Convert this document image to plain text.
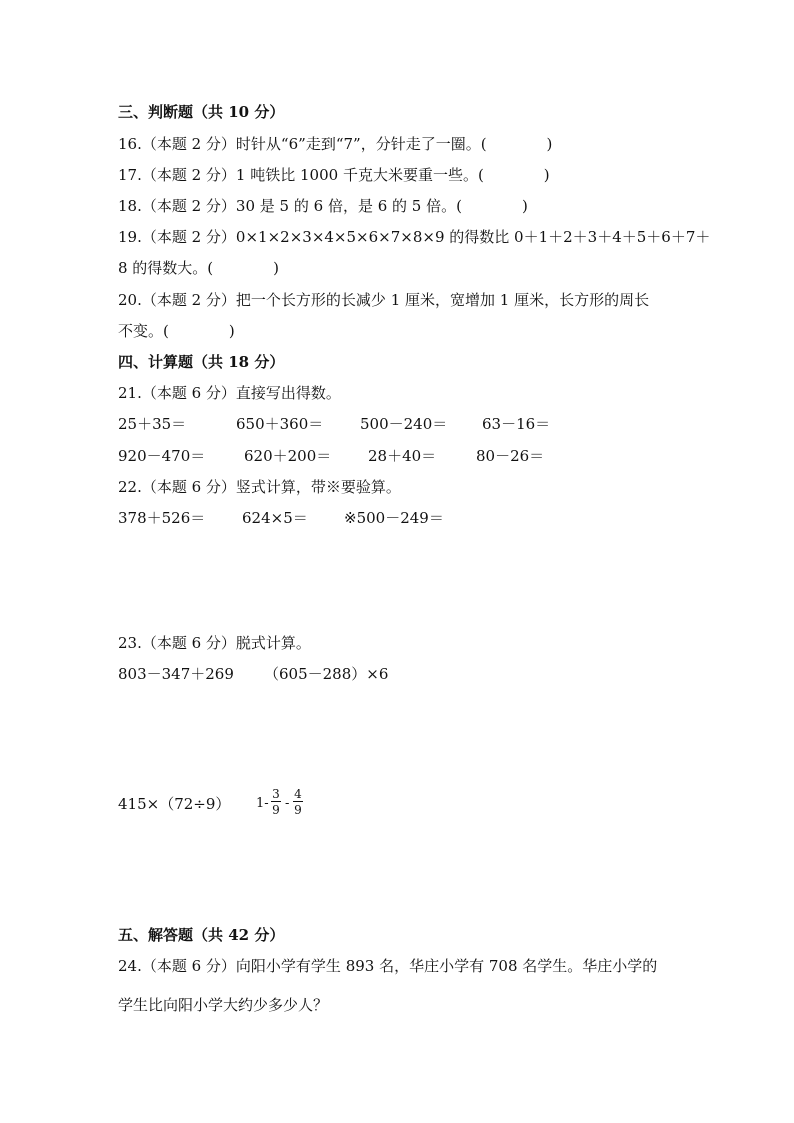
三、判断题（共 10 分）
16.（本题 2 分）时针从“6”走到“7”，分针走了一圈。(　　　　)
17.（本题 2 分）1 吨铁比 1000 千克大米要重一些。(　　　　)
18.（本题 2 分）30 是 5 的 6 倍，是 6 的 5 倍。(　　　　)
19.（本题 2 分）0×1×2×3×4×5×6×7×8×9 的得数比 0＋1＋2＋3＋4＋5＋6＋7＋
8 的得数大。(　　　　)
20.（本题 2 分）把一个长方形的长减少 1 厘米，宽增加 1 厘米，长方形的周长
不变。(　　　　)
四、计算题（共 18 分）
21.（本题 6 分）直接写出得数。
25＋35＝	650＋360＝ 500－240＝ 63－16＝
920－470＝	620＋200＝ 28＋40＝	80－26＝
22.（本题 6 分）竖式计算，带※要验算。
378＋526＝ 624×5＝ ※500－249＝
23.（本题 6 分）脱式计算。
803－347＋269 （605－288）×6
415×（72÷9） 1-
3
9 -
4
9
五、解答题（共 42 分）
24.（本题 6 分）向阳小学有学生 893 名，华庄小学有 708 名学生。华庄小学的
学生比向阳小学大约少多少人？
